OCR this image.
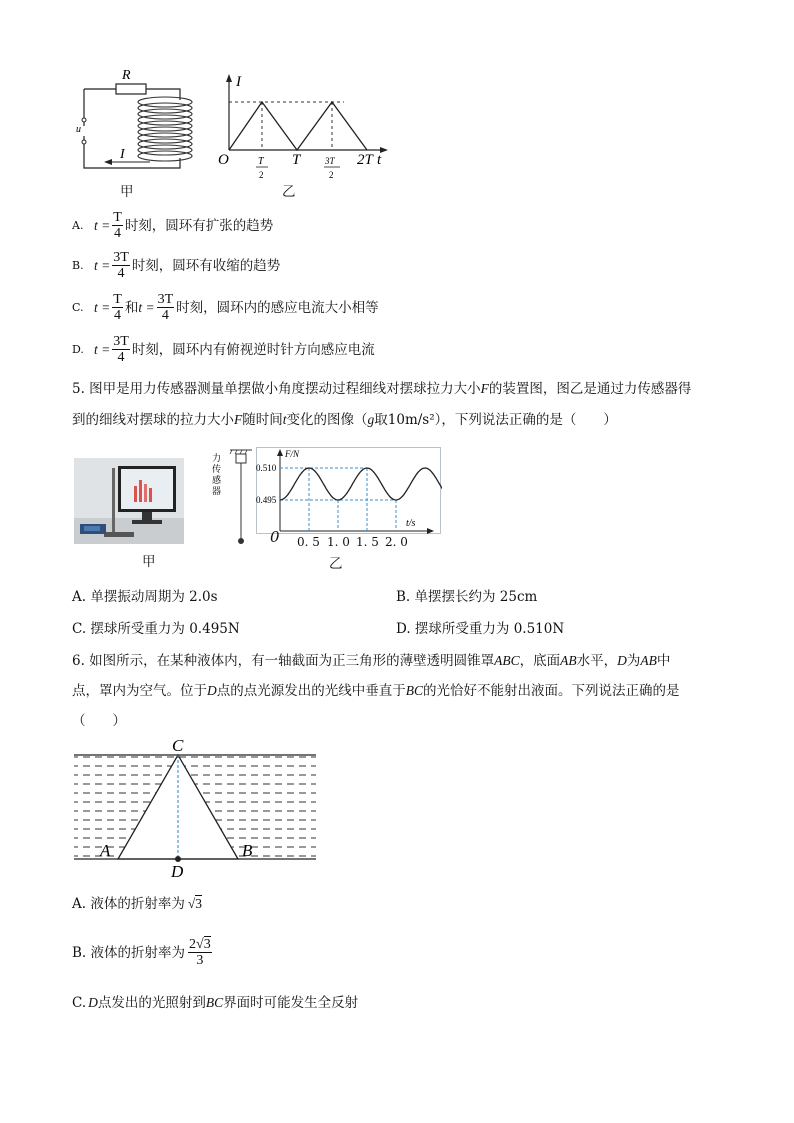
R
u
I
甲
I
O	T
2
T	3T
2
2T t
乙
A. $t = \frac{T}{4}$ 时刻，圆环有扩张的趋势
B. $t = \frac{3T}{4}$ 时刻，圆环有收缩的趋势
C. $t = \frac{T}{4}$ 和 $t = \frac{3T}{4}$ 时刻，圆环内的感应电流大小相等
D. $t = \frac{3T}{4}$ 时刻，圆环内有俯视逆时针方向感应电流
5. 图甲是用力传感器测量单摆做小角度摆动过程细线对摆球拉力大小F的装置图，图乙是通过力传感器得
到的细线对摆球的拉力大小F随时间t变化的图像（g取10m/s²），下列说法正确的是（　　）
甲
力
传
感
器
F/N
0.510
0.495
t/s
0 0. 5 1. 0 1. 5 2. 0
乙
A. 单摆振动周期为 2.0s	B. 单摆摆长约为 25cm
C. 摆球所受重力为 0.495N	D. 摆球所受重力为 0.510N
6. 如图所示，在某种液体内，有一轴截面为正三角形的薄壁透明圆锥罩ABC，底面AB水平，D为AB中
点，罩内为空气。位于D点的点光源发出的光线中垂直于BC的光恰好不能射出液面。下列说法正确的是
（　　）
C
A	B
D
A. 液体的折射率为 √3
B. 液体的折射率为 $\frac{2√3}{3}$
C. D点发出的光照射到BC界面时可能发生全反射
